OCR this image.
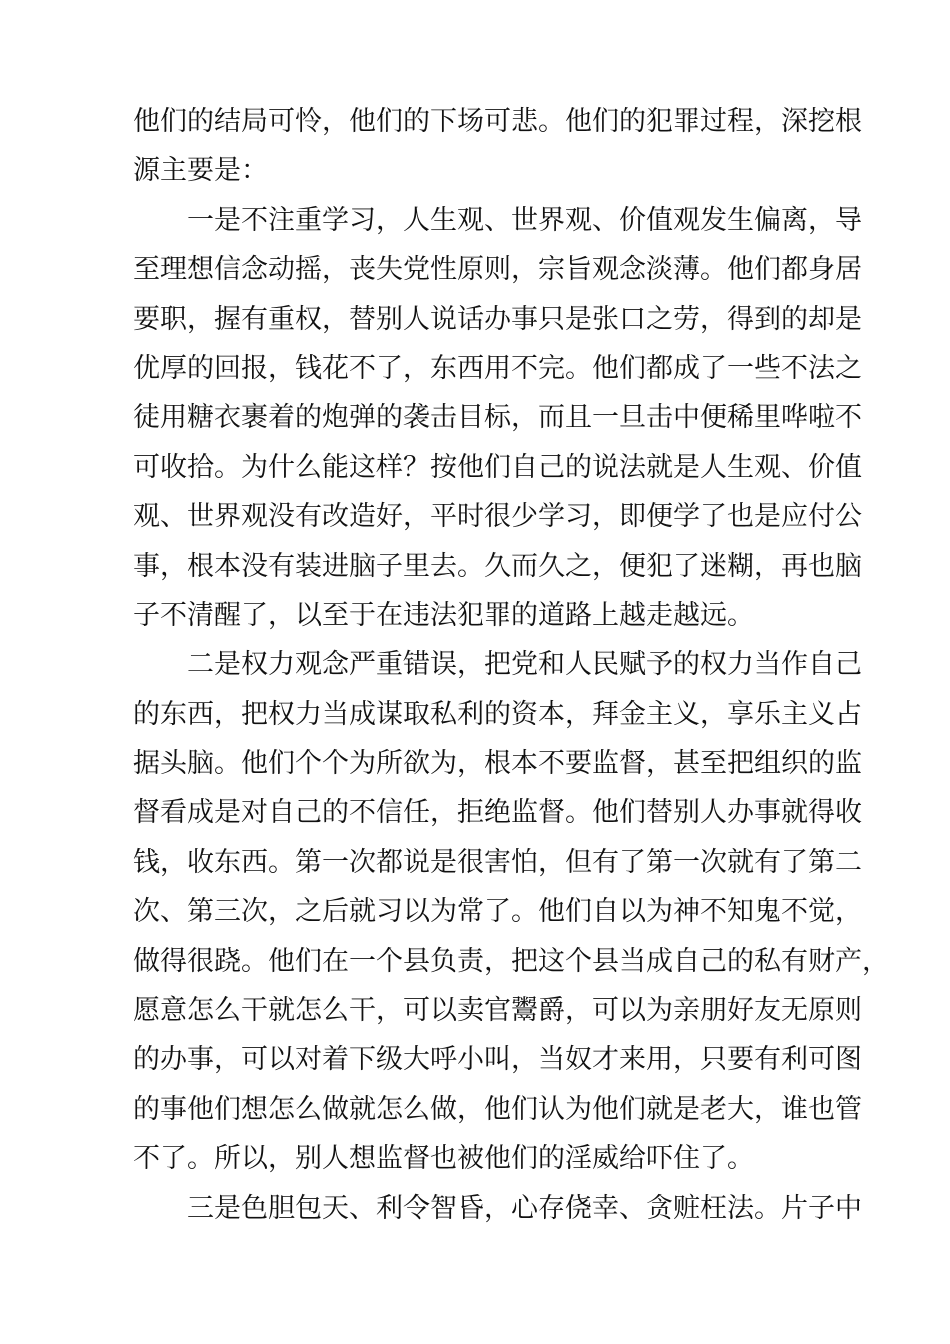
他们的结局可怜，他们的下场可悲。他们的犯罪过程，深挖根
源主要是：

一是不注重学习，人生观、世界观、价值观发生偏离，导
至理想信念动摇，丧失党性原则，宗旨观念淡薄。他们都身居
要职，握有重权，替别人说话办事只是张口之劳，得到的却是
优厚的回报，钱花不了，东西用不完。他们都成了一些不法之
徒用糖衣裹着的炮弹的袭击目标，而且一旦击中便稀里哗啦不
可收拾。为什么能这样？按他们自己的说法就是人生观、价值
观、世界观没有改造好，平时很少学习，即便学了也是应付公
事，根本没有装进脑子里去。久而久之，便犯了迷糊，再也脑
子不清醒了，以至于在违法犯罪的道路上越走越远。

二是权力观念严重错误，把党和人民赋予的权力当作自己
的东西，把权力当成谋取私利的资本，拜金主义，享乐主义占
据头脑。他们个个为所欲为，根本不要监督，甚至把组织的监
督看成是对自己的不信任，拒绝监督。他们替别人办事就得收
钱，收东西。第一次都说是很害怕，但有了第一次就有了第二
次、第三次，之后就习以为常了。他们自以为神不知鬼不觉，
做得很跷。他们在一个县负责，把这个县当成自己的私有财产，
愿意怎么干就怎么干，可以卖官鬻爵，可以为亲朋好友无原则
的办事，可以对着下级大呼小叫，当奴才来用，只要有利可图
的事他们想怎么做就怎么做，他们认为他们就是老大，谁也管
不了。所以，别人想监督也被他们的淫威给吓住了。

三是色胆包天、利令智昏，心存侥幸、贪赃枉法。片子中
